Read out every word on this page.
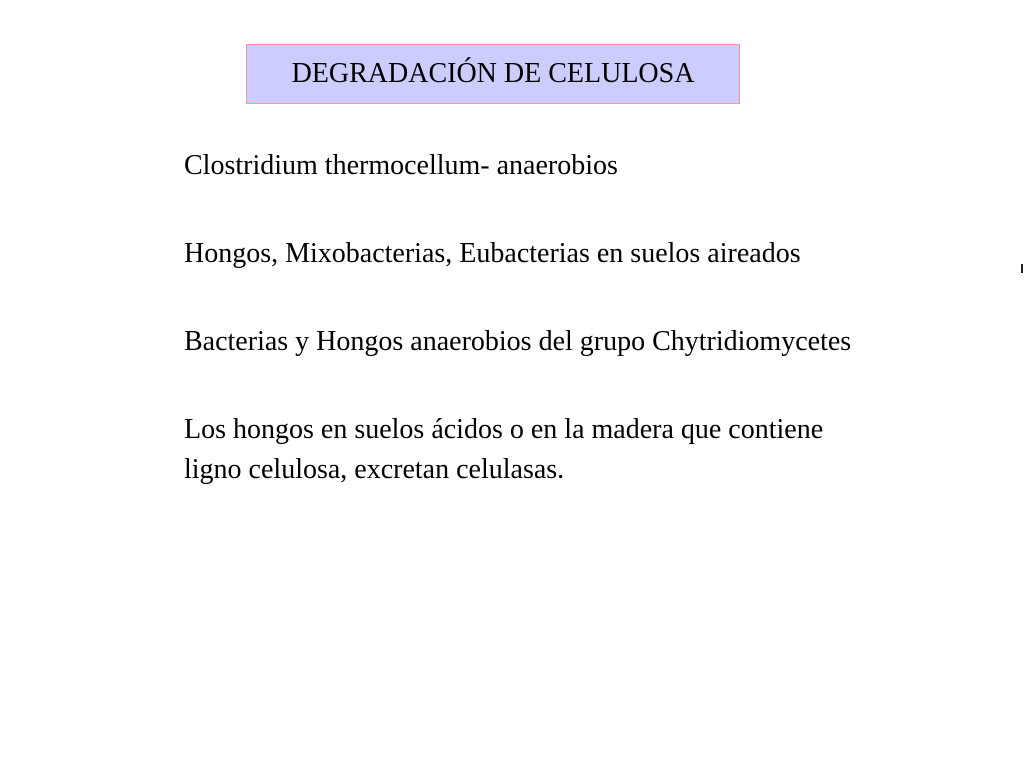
DEGRADACIÓN DE CELULOSA

Clostridium thermocellum- anaerobios

Hongos, Mixobacterias, Eubacterias en suelos aireados

Bacterias y Hongos anaerobios del grupo Chytridiomycetes

Los hongos en suelos ácidos o en la madera que contiene ligno celulosa, excretan celulasas.
